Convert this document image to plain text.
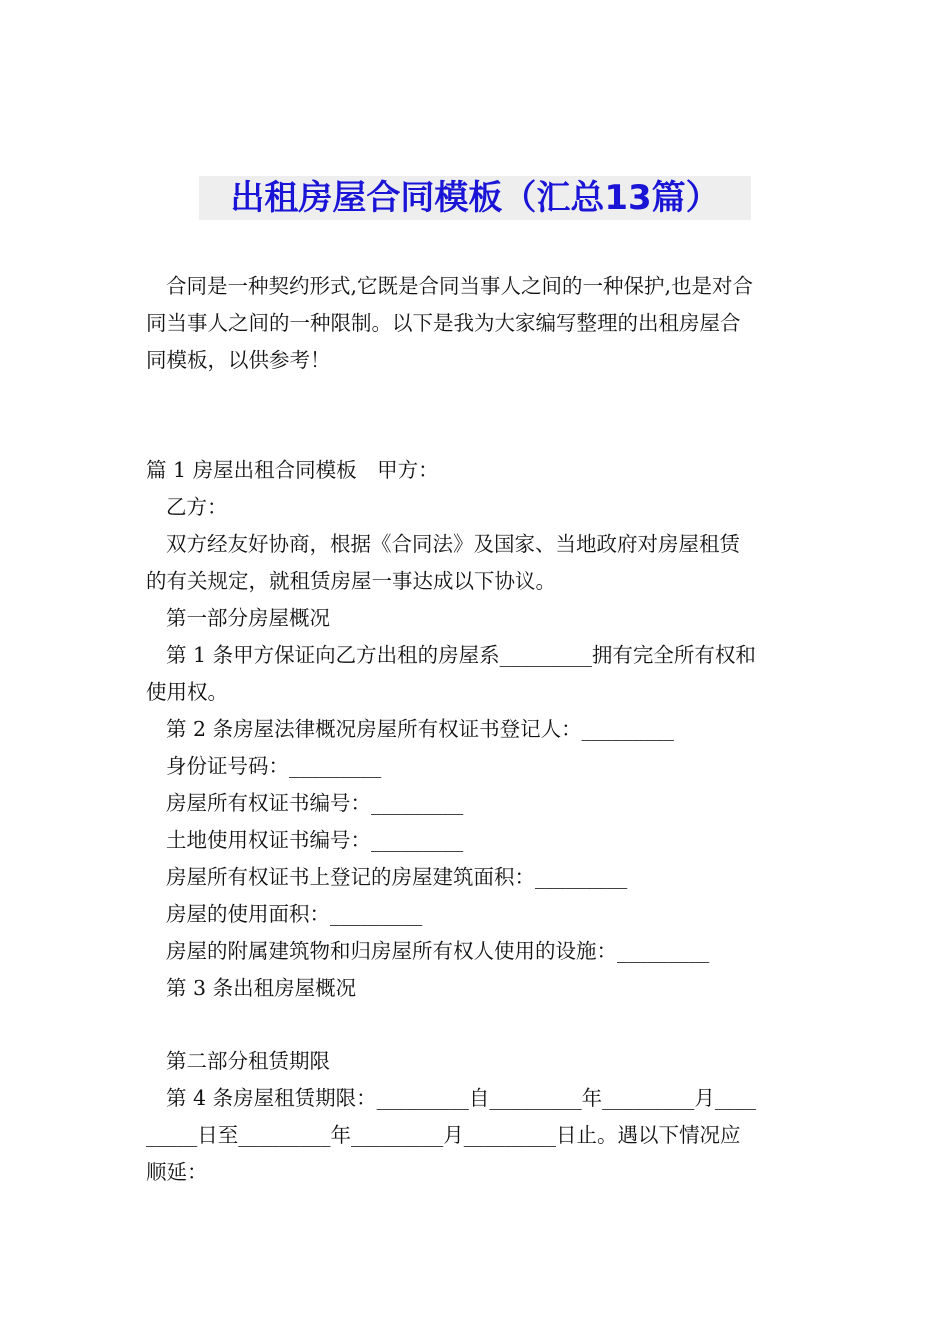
出租房屋合同模板（汇总13篇）
合同是一种契约形式,它既是合同当事人之间的一种保护,也是对合
同当事人之间的一种限制。以下是我为大家编写整理的出租房屋合
同模板，以供参考！
篇 1 房屋出租合同模板　甲方：
乙方：
双方经友好协商，根据《合同法》及国家、当地政府对房屋租赁
的有关规定，就租赁房屋一事达成以下协议。
第一部分房屋概况
第 1 条甲方保证向乙方出租的房屋系_________拥有完全所有权和
使用权。
第 2 条房屋法律概况房屋所有权证书登记人：_________
身份证号码：_________
房屋所有权证书编号：_________
土地使用权证书编号：_________
房屋所有权证书上登记的房屋建筑面积：_________
房屋的使用面积：_________
房屋的附属建筑物和归房屋所有权人使用的设施：_________
第 3 条出租房屋概况
第二部分租赁期限
第 4 条房屋租赁期限：_________自_________年_________月____
_____日至_________年_________月_________日止。遇以下情况应
顺延：
